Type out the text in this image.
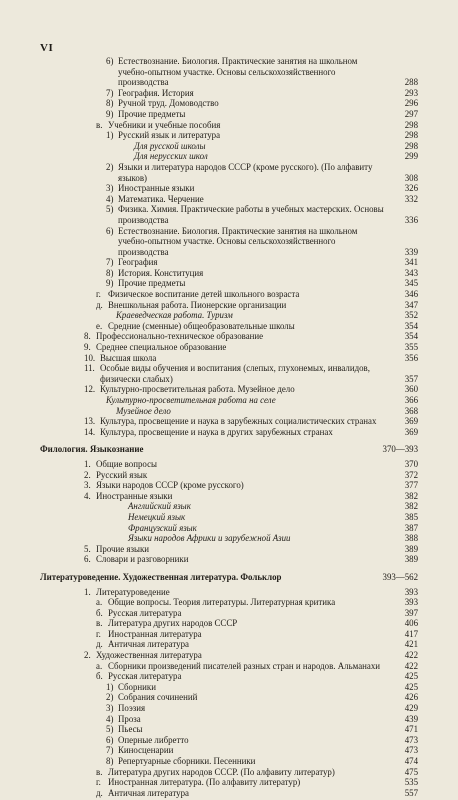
VI
6) Естествознание. Биология. Практические занятия на школьном учебно-опытном участке. Основы сельскохозяйственного производства	288
7) География. История	293
8) Ручной труд. Домоводство	296
9) Прочие предметы	297
в. Учебники и учебные пособия	298
1) Русский язык и литература	298
Для русской школы	298
Для нерусских школ	299
2) Языки и литература народов СССР (кроме русского). (По алфавиту языков)	308
3) Иностранные языки	326
4) Математика. Черчение	332
5) Физика. Химия. Практические работы в учебных мастерских. Основы производства	336
6) Естествознание. Биология. Практические занятия на школьном учебно-опытном участке. Основы сельскохозяйственного производства	339
7) География	341
8) История. Конституция	343
9) Прочие предметы	345
г. Физическое воспитание детей школьного возраста	346
д. Внешкольная работа. Пионерские организации	347
Краеведческая работа. Туризм	352
е. Средние (сменные) общеобразовательные школы	354
8. Профессионально-техническое образование	354
9. Среднее специальное образование	355
10. Высшая школа	356
11. Особые виды обучения и воспитания (слепых, глухонемых, инвалидов, физически слабых)	357
12. Культурно-просветительная работа. Музейное дело	360
Культурно-просветительная работа на селе	366
Музейное дело	368
13. Культура, просвещение и наука в зарубежных социалистических странах	369
14. Культура, просвещение и наука в других зарубежных странах	369
Филология. Языкознание	370—393
1. Общие вопросы	370
2. Русский язык	372
3. Языки народов СССР (кроме русского)	377
4. Иностранные языки	382
Английский язык	382
Немецкий язык	385
Французский язык	387
Языки народов Африки и зарубежной Азии	388
5. Прочие языки	389
6. Словари и разговорники	389
Литературоведение. Художественная литература. Фольклор	393—562
1. Литературоведение	393
а. Общие вопросы. Теория литературы. Литературная критика	393
б. Русская литература	397
в. Литература других народов СССР	406
г. Иностранная литература	417
д. Античная литература	421
2. Художественная литература	422
а. Сборники произведений писателей разных стран и народов. Альманахи	422
б. Русская литература	425
1) Сборники	425
2) Собрания сочинений	426
3) Поэзия	429
4) Проза	439
5) Пьесы	471
6) Оперные либретто	473
7) Киносценарии	473
8) Репертуарные сборники. Песенники	474
в. Литература других народов СССР. (По алфавиту литератур)	475
г. Иностранная литература. (По алфавиту литератур)	535
д. Античная литература	557
